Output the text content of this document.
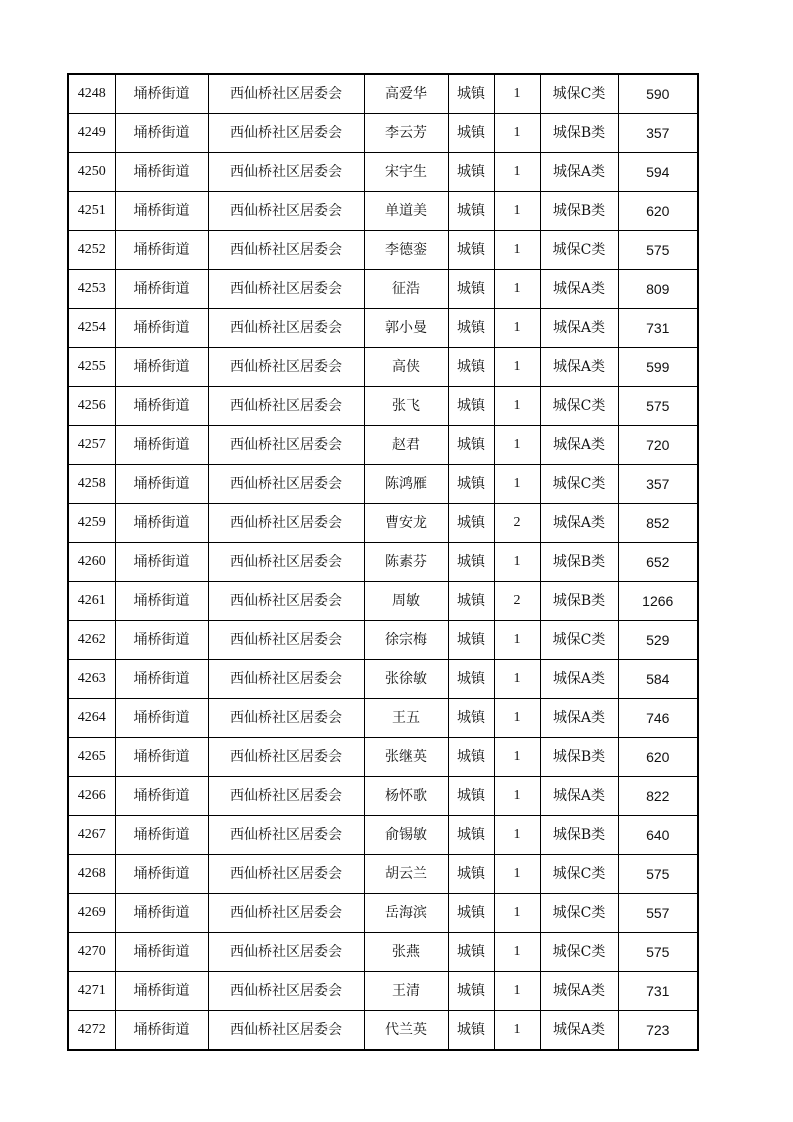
4248	埇桥街道	西仙桥社区居委会	高爱华	城镇	1	城保C类	590
4249	埇桥街道	西仙桥社区居委会	李云芳	城镇	1	城保B类	357
4250	埇桥街道	西仙桥社区居委会	宋宇生	城镇	1	城保A类	594
4251	埇桥街道	西仙桥社区居委会	单道美	城镇	1	城保B类	620
4252	埇桥街道	西仙桥社区居委会	李德銮	城镇	1	城保C类	575
4253	埇桥街道	西仙桥社区居委会	征浩	城镇	1	城保A类	809
4254	埇桥街道	西仙桥社区居委会	郭小曼	城镇	1	城保A类	731
4255	埇桥街道	西仙桥社区居委会	高侠	城镇	1	城保A类	599
4256	埇桥街道	西仙桥社区居委会	张飞	城镇	1	城保C类	575
4257	埇桥街道	西仙桥社区居委会	赵君	城镇	1	城保A类	720
4258	埇桥街道	西仙桥社区居委会	陈鸿雁	城镇	1	城保C类	357
4259	埇桥街道	西仙桥社区居委会	曹安龙	城镇	2	城保A类	852
4260	埇桥街道	西仙桥社区居委会	陈素芬	城镇	1	城保B类	652
4261	埇桥街道	西仙桥社区居委会	周敏	城镇	2	城保B类	1266
4262	埇桥街道	西仙桥社区居委会	徐宗梅	城镇	1	城保C类	529
4263	埇桥街道	西仙桥社区居委会	张徐敏	城镇	1	城保A类	584
4264	埇桥街道	西仙桥社区居委会	王五	城镇	1	城保A类	746
4265	埇桥街道	西仙桥社区居委会	张继英	城镇	1	城保B类	620
4266	埇桥街道	西仙桥社区居委会	杨怀歌	城镇	1	城保A类	822
4267	埇桥街道	西仙桥社区居委会	俞锡敏	城镇	1	城保B类	640
4268	埇桥街道	西仙桥社区居委会	胡云兰	城镇	1	城保C类	575
4269	埇桥街道	西仙桥社区居委会	岳海滨	城镇	1	城保C类	557
4270	埇桥街道	西仙桥社区居委会	张燕	城镇	1	城保C类	575
4271	埇桥街道	西仙桥社区居委会	王清	城镇	1	城保A类	731
4272	埇桥街道	西仙桥社区居委会	代兰英	城镇	1	城保A类	723
